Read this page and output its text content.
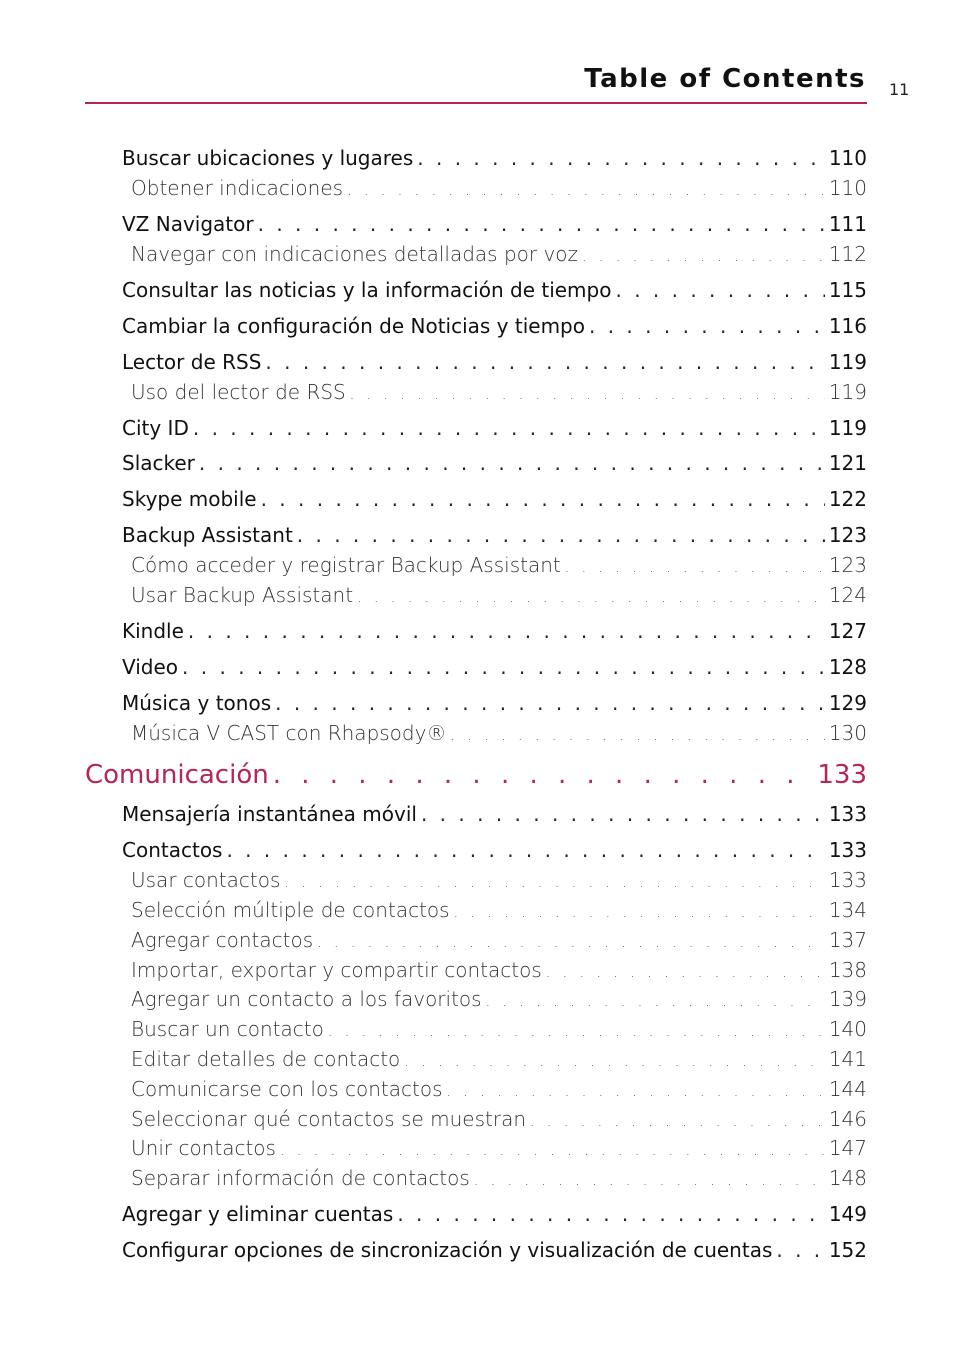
Table of Contents 11
Buscar ubicaciones y lugares . . .	110
Obtener indicaciones . . .	110
VZ Navigator . . .	111
Navegar con indicaciones detalladas por voz . . .	112
Consultar las noticias y la información de tiempo . . .	115
Cambiar la configuración de Noticias y tiempo . . .	116
Lector de RSS . . .	119
Uso del lector de RSS . . .	119
City ID . . .	119
Slacker . . .	121
Skype mobile . . .	122
Backup Assistant . . .	123
Cómo acceder y registrar Backup Assistant . . .	123
Usar Backup Assistant . . .	124
Kindle . . .	127
Video . . .	128
Música y tonos . . .	129
Música V CAST con Rhapsody® . . .	130
Comunicación . . .	133
Mensajería instantánea móvil . . .	133
Contactos . . .	133
Usar contactos . . .	133
Selección múltiple de contactos . . .	134
Agregar contactos . . .	137
Importar, exportar y compartir contactos . . .	138
Agregar un contacto a los favoritos . . .	139
Buscar un contacto . . .	140
Editar detalles de contacto . . .	141
Comunicarse con los contactos . . .	144
Seleccionar qué contactos se muestran . . .	146
Unir contactos . . .	147
Separar información de contactos . . .	148
Agregar y eliminar cuentas . . .	149
Configurar opciones de sincronización y visualización de cuentas . . .	152
